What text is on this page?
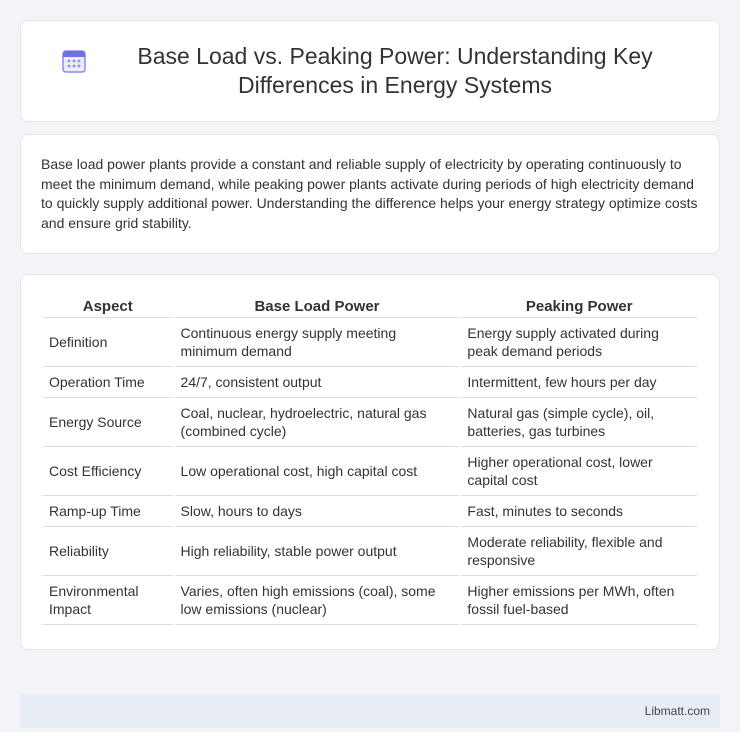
Base Load vs. Peaking Power: Understanding Key Differences in Energy Systems

Base load power plants provide a constant and reliable supply of electricity by operating continuously to meet the minimum demand, while peaking power plants activate during periods of high electricity demand to quickly supply additional power. Understanding the difference helps your energy strategy optimize costs and ensure grid stability.

Aspect	Base Load Power	Peaking Power
Definition	Continuous energy supply meeting minimum demand	Energy supply activated during peak demand periods
Operation Time	24/7, consistent output	Intermittent, few hours per day
Energy Source	Coal, nuclear, hydroelectric, natural gas (combined cycle)	Natural gas (simple cycle), oil, batteries, gas turbines
Cost Efficiency	Low operational cost, high capital cost	Higher operational cost, lower capital cost
Ramp-up Time	Slow, hours to days	Fast, minutes to seconds
Reliability	High reliability, stable power output	Moderate reliability, flexible and responsive
Environmental Impact	Varies, often high emissions (coal), some low emissions (nuclear)	Higher emissions per MWh, often fossil fuel-based
Libmatt.com
